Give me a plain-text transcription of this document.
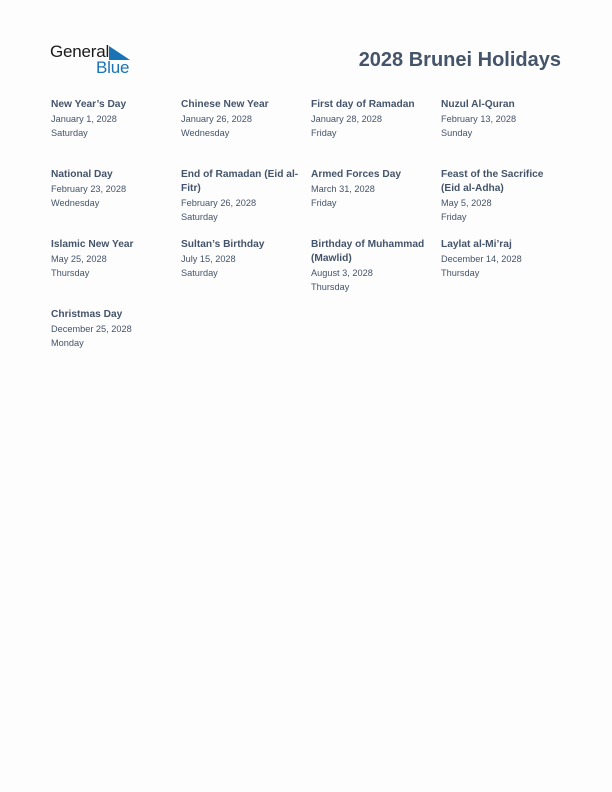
General
Blue	2028 Brunei Holidays
New Year’s Day
January 1, 2028
Saturday
Chinese New Year
January 26, 2028
Wednesday
First day of Ramadan
January 28, 2028
Friday
Nuzul Al-Quran
February 13, 2028
Sunday
National Day
February 23, 2028
Wednesday
End of Ramadan (Eid al-Fitr)
February 26, 2028
Saturday
Armed Forces Day
March 31, 2028
Friday
Feast of the Sacrifice (Eid al-Adha)
May 5, 2028
Friday
Islamic New Year
May 25, 2028
Thursday
Sultan’s Birthday
July 15, 2028
Saturday
Birthday of Muhammad (Mawlid)
August 3, 2028
Thursday
Laylat al-Mi’raj
December 14, 2028
Thursday
Christmas Day
December 25, 2028
Monday
